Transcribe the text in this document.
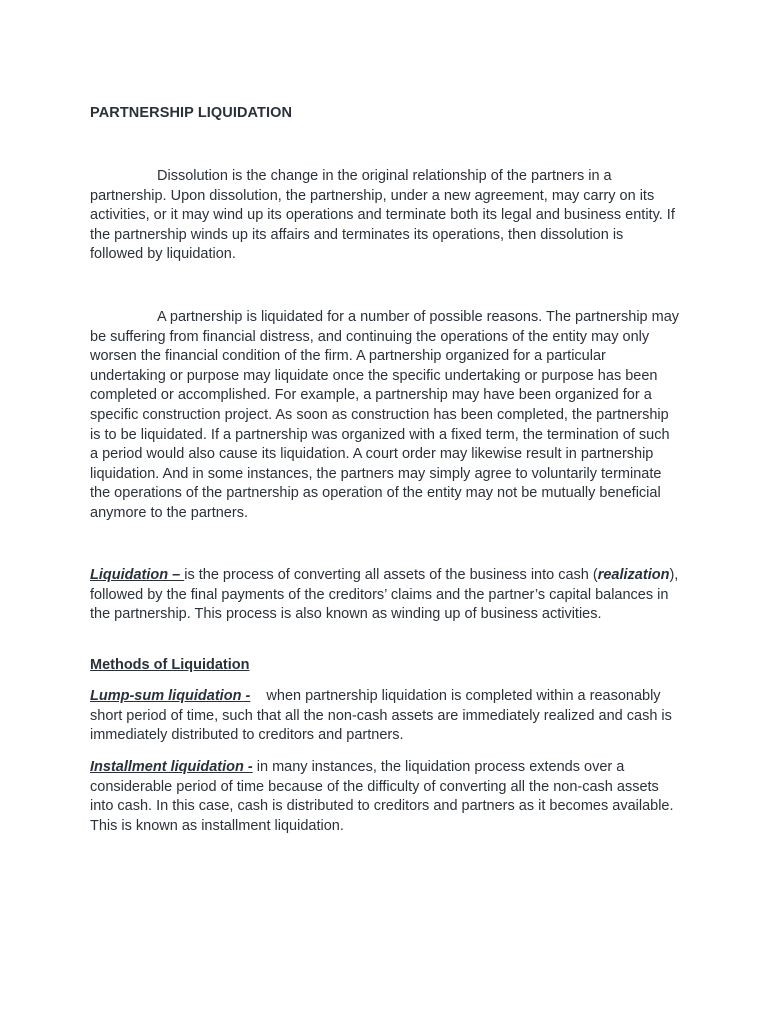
PARTNERSHIP LIQUIDATION

Dissolution is the change in the original relationship of the partners in a partnership. Upon dissolution, the partnership, under a new agreement, may carry on its activities, or it may wind up its operations and terminate both its legal and business entity. If the partnership winds up its affairs and terminates its operations, then dissolution is followed by liquidation.

A partnership is liquidated for a number of possible reasons. The partnership may be suffering from financial distress, and continuing the operations of the entity may only worsen the financial condition of the firm. A partnership organized for a particular undertaking or purpose may liquidate once the specific undertaking or purpose has been completed or accomplished. For example, a partnership may have been organized for a specific construction project. As soon as construction has been completed, the partnership is to be liquidated. If a partnership was organized with a fixed term, the termination of such a period would also cause its liquidation. A court order may likewise result in partnership liquidation. And in some instances, the partners may simply agree to voluntarily terminate the operations of the partnership as operation of the entity may not be mutually beneficial anymore to the partners.

Liquidation – is the process of converting all assets of the business into cash (realization), followed by the final payments of the creditors’ claims and the partner’s capital balances in the partnership. This process is also known as winding up of business activities.

Methods of Liquidation

Lump-sum liquidation -    when partnership liquidation is completed within a reasonably short period of time, such that all the non-cash assets are immediately realized and cash is immediately distributed to creditors and partners.

Installment liquidation - in many instances, the liquidation process extends over a considerable period of time because of the difficulty of converting all the non-cash assets into cash. In this case, cash is distributed to creditors and partners as it becomes available. This is known as installment liquidation.
